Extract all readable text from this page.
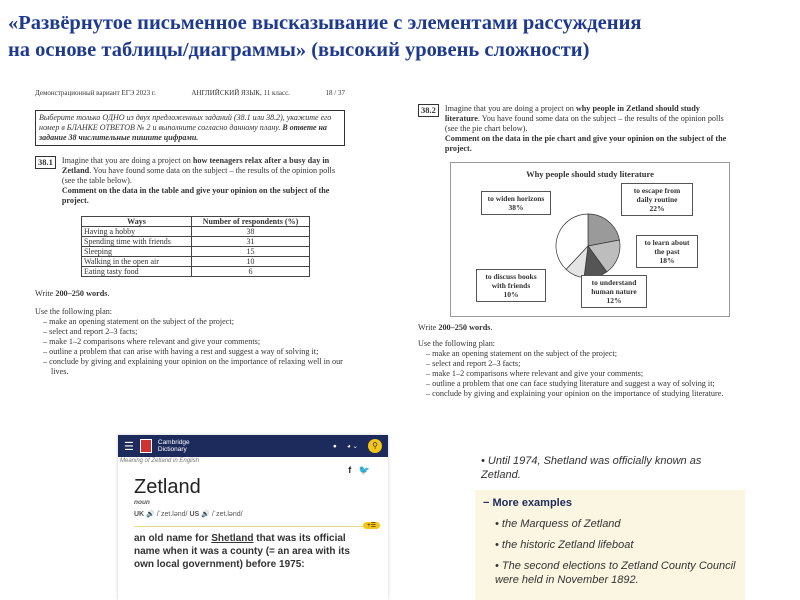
«Развёрнутое письменное высказывание с элементами рассуждения
на основе таблицы/диаграммы» (высокий уровень сложности)
Демонстрационный вариант ЕГЭ 2023 г.	АНГЛИЙСКИЙ ЯЗЫК, 11 класс.	18 / 37
Выберите только ОДНО из двух предложенных заданий (38.1 или 38.2), укажите его номер в БЛАНКЕ ОТВЕТОВ № 2 и выполните согласно данному плану. В ответе на задание 38 числительные пишите цифрами.
38.1	Imagine that you are doing a project on how teenagers relax after a busy day in Zetland. You have found some data on the subject – the results of the opinion polls (see the table below).
Comment on the data in the table and give your opinion on the subject of the project.
Ways	Number of respondents (%)
Having a hobby	38
Spending time with friends	31
Sleeping	15
Walking in the open air	10
Eating tasty food	6
Write 200–250 words.
Use the following plan:
– make an opening statement on the subject of the project;
– select and report 2–3 facts;
– make 1–2 comparisons where relevant and give your comments;
– outline a problem that can arise with having a rest and suggest a way of solving it;
– conclude by giving and explaining your opinion on the importance of relaxing well in our lives.
38.2	Imagine that you are doing a project on why people in Zetland should study literature. You have found some data on the subject – the results of the opinion polls (see the pie chart below).
Comment on the data in the pie chart and give your opinion on the subject of the project.
Why people should study literature
to widen horizons
38%
to escape from daily routine
22%
to learn about the past
18%
to understand human nature
12%
to discuss books with friends
10%
Write 200–250 words.
Use the following plan:
– make an opening statement on the subject of the project;
– select and report 2–3 facts;
– make 1–2 comparisons where relevant and give your comments;
– outline a problem that one can face studying literature and suggest a way of solving it;
– conclude by giving and explaining your opinion on the importance of studying literature.
☰	Cambridge
Dictionary	● ◕ ⌄	⚲
Meaning of Zetland in English
f 🐦
Zetland
noun
UK 🔊 /ˈzet.lənd/ US 🔊 /ˈzet.lənd/
+☰
an old name for Shetland that was its official name when it was a county (= an area with its own local government) before 1975:
• Until 1974, Shetland was officially known as Zetland.
− More examples
• the Marquess of Zetland
• the historic Zetland lifeboat
• The second elections to Zetland County Council were held in November 1892.
